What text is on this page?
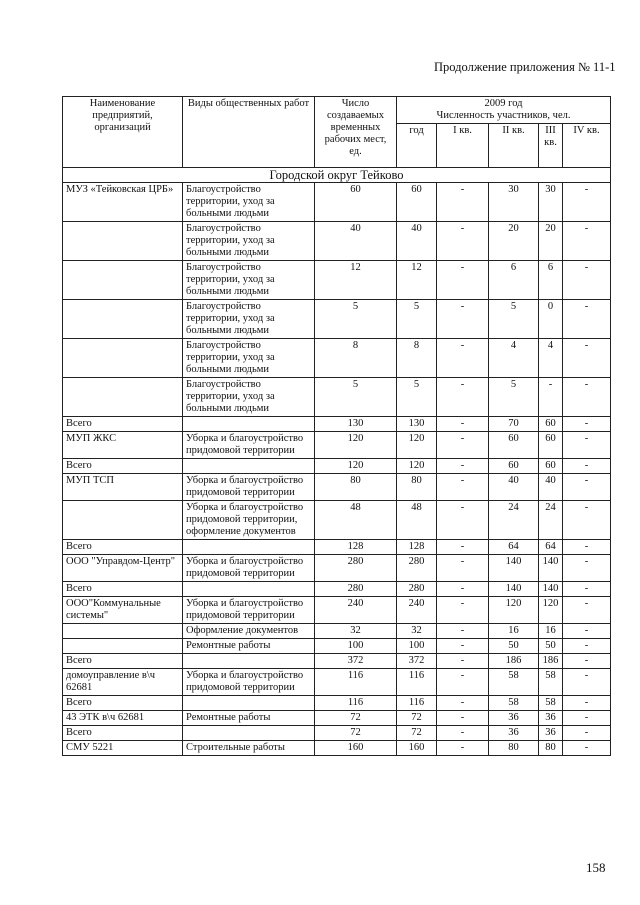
Продолжение приложения № 11-1
Наименование предприятий, организаций	Виды общественных работ	Число создаваемых временных рабочих мест, ед.	2009 год				
			Численность участников, чел.				
			год	I кв.	II кв.	III кв.	IV кв.
Городской округ Тейково							
МУЗ «Тейковская ЦРБ»	Благоустройство территории, уход за больными людьми	60	60	-	30	30	-
	Благоустройство территории, уход за больными людьми	40	40	-	20	20	-
	Благоустройство территории, уход за больными людьми	12	12	-	6	6	-
	Благоустройство территории, уход за больными людьми	5	5	-	5	0	-
	Благоустройство территории, уход за больными людьми	8	8	-	4	4	-
	Благоустройство территории, уход за больными людьми	5	5	-	5	-	-
Всего		130	130	-	70	60	-
МУП ЖКС	Уборка и благоустройство придомовой территории	120	120	-	60	60	-
Всего		120	120	-	60	60	-
МУП ТСП	Уборка и благоустройство придомовой территории	80	80	-	40	40	-
	Уборка и благоустройство придомовой территории, оформление документов	48	48	-	24	24	-
Всего		128	128	-	64	64	-
ООО "Управдом-Центр"	Уборка и благоустройство придомовой территории	280	280	-	140	140	-
Всего		280	280	-	140	140	-
ООО"Коммунальные системы"	Уборка и благоустройство придомовой территории	240	240	-	120	120	-
	Оформление документов	32	32	-	16	16	-
	Ремонтные работы	100	100	-	50	50	-
Всего		372	372	-	186	186	-
домоуправление в\ч 62681	Уборка и благоустройство придомовой территории	116	116	-	58	58	-
Всего		116	116	-	58	58	-
43 ЭТК в\ч 62681	Ремонтные работы	72	72	-	36	36	-
Всего		72	72	-	36	36	-
СМУ 5221	Строительные работы	160	160	-	80	80	-
158
